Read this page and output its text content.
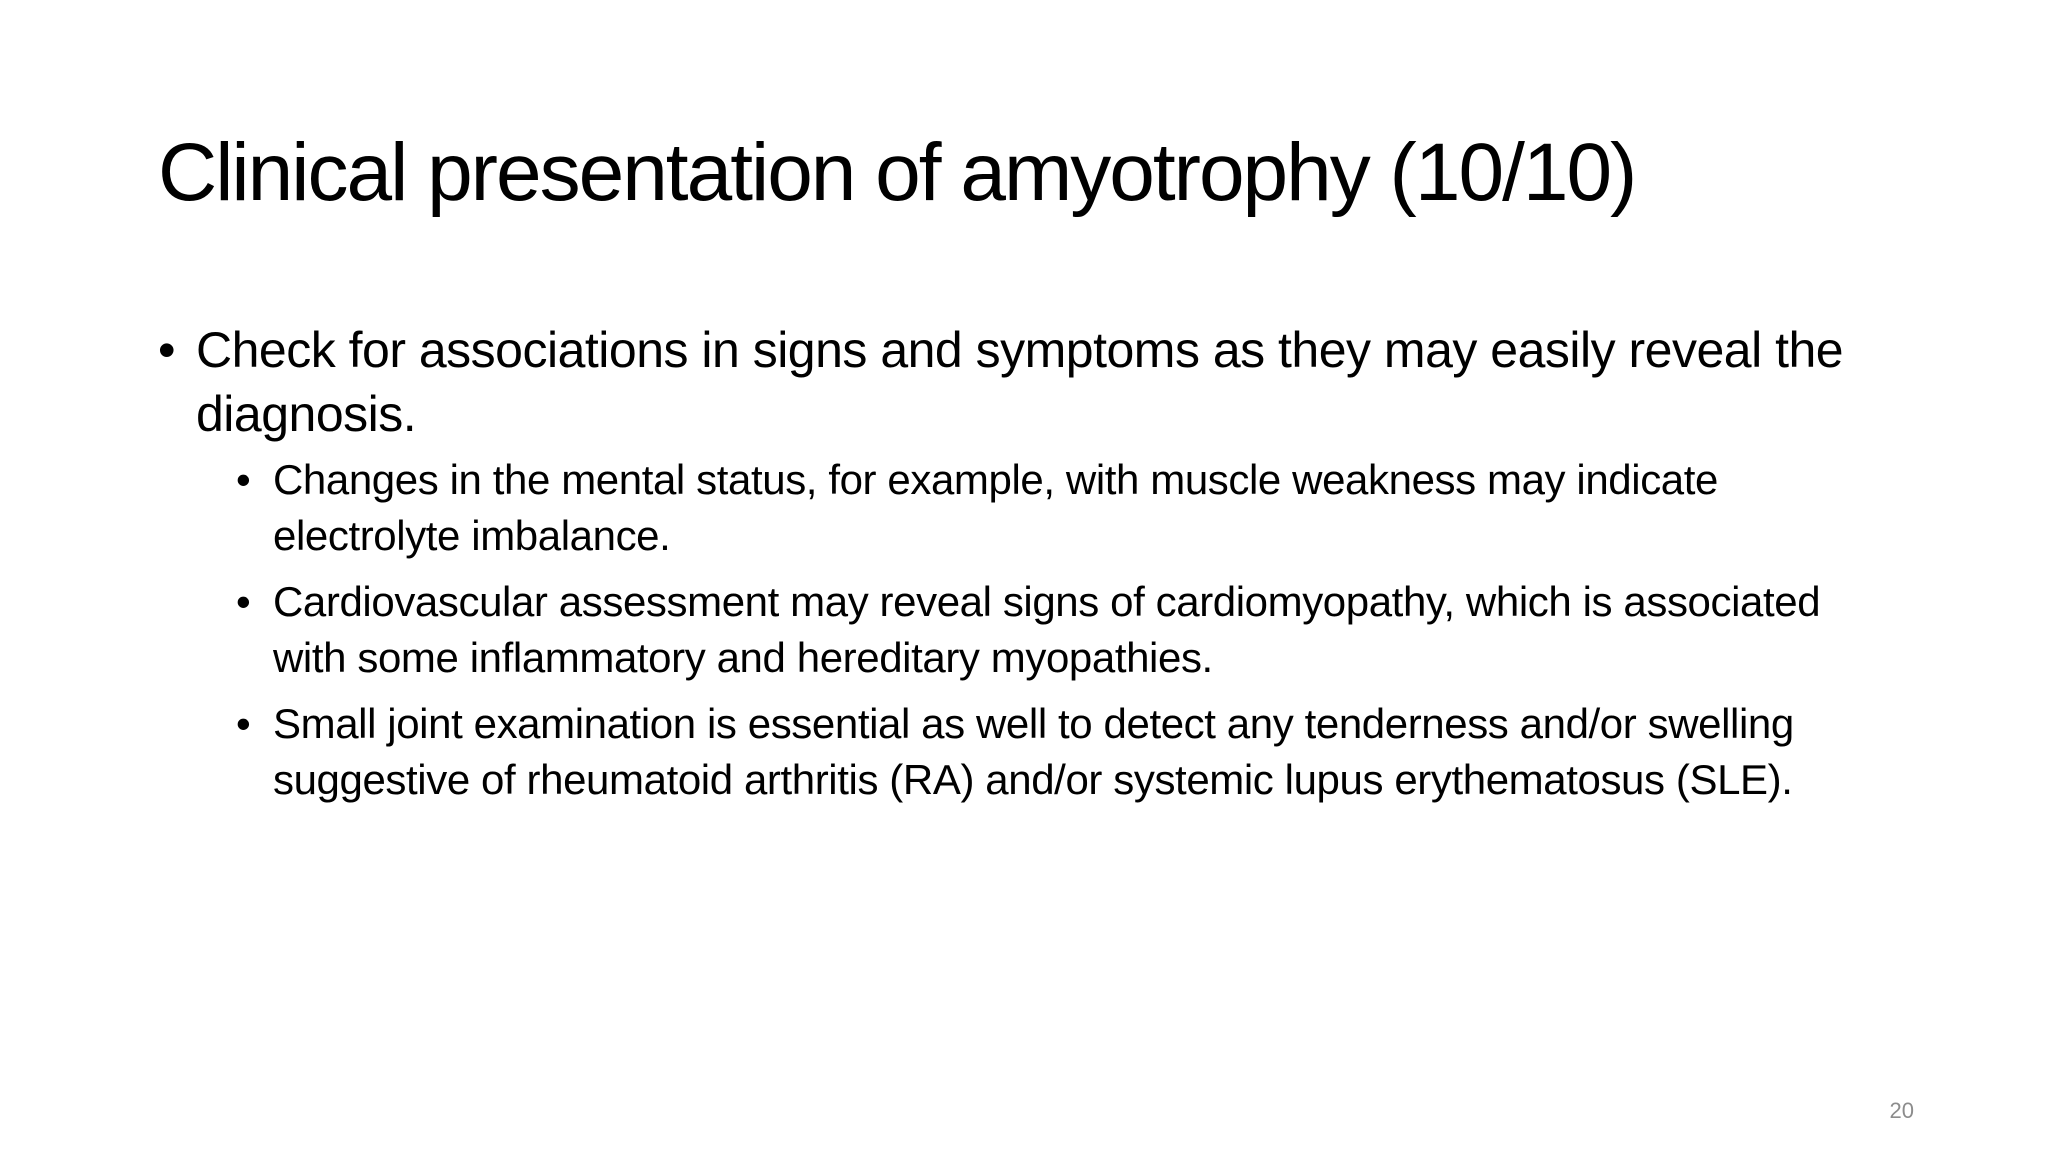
Clinical presentation of amyotrophy (10/10)
• Check for associations in signs and symptoms as they may easily reveal the diagnosis.
• Changes in the mental status, for example, with muscle weakness may indicate electrolyte imbalance.
• Cardiovascular assessment may reveal signs of cardiomyopathy, which is associated with some inflammatory and hereditary myopathies.
• Small joint examination is essential as well to detect any tenderness and/or swelling suggestive of rheumatoid arthritis (RA) and/or systemic lupus erythematosus (SLE).
20
